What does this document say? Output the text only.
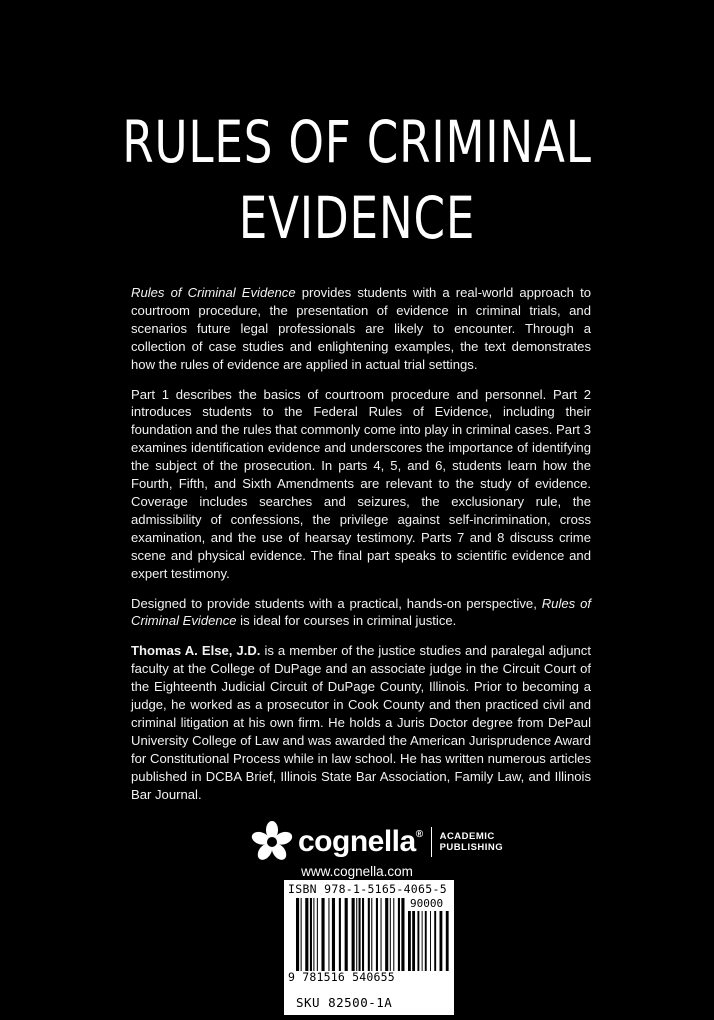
RULES OF CRIMINAL
EVIDENCE

Rules of Criminal Evidence provides students with a real-world approach to courtroom procedure, the presentation of evidence in criminal trials, and scenarios future legal professionals are likely to encounter. Through a collection of case studies and enlightening examples, the text demonstrates how the rules of evidence are applied in actual trial settings.

Part 1 describes the basics of courtroom procedure and personnel. Part 2 introduces students to the Federal Rules of Evidence, including their foundation and the rules that commonly come into play in criminal cases. Part 3 examines identification evidence and underscores the importance of identifying the subject of the prosecution. In parts 4, 5, and 6, students learn how the Fourth, Fifth, and Sixth Amendments are relevant to the study of evidence. Coverage includes searches and seizures, the exclusionary rule, the admissibility of confessions, the privilege against self-incrimination, cross examination, and the use of hearsay testimony. Parts 7 and 8 discuss crime scene and physical evidence. The final part speaks to scientific evidence and expert testimony.

Designed to provide students with a practical, hands-on perspective, Rules of Criminal Evidence is ideal for courses in criminal justice.

Thomas A. Else, J.D. is a member of the justice studies and paralegal adjunct faculty at the College of DuPage and an associate judge in the Circuit Court of the Eighteenth Judicial Circuit of DuPage County, Illinois. Prior to becoming a judge, he worked as a prosecutor in Cook County and then practiced civil and criminal litigation at his own firm. He holds a Juris Doctor degree from DePaul University College of Law and was awarded the American Jurisprudence Award for Constitutional Process while in law school. He has written numerous articles published in DCBA Brief, Illinois State Bar Association, Family Law, and Illinois Bar Journal.

cognella® ACADEMIC
PUBLISHING
www.cognella.com
ISBN 978-1-5165-4065-5
90000
9 781516 540655
SKU 82500-1A
